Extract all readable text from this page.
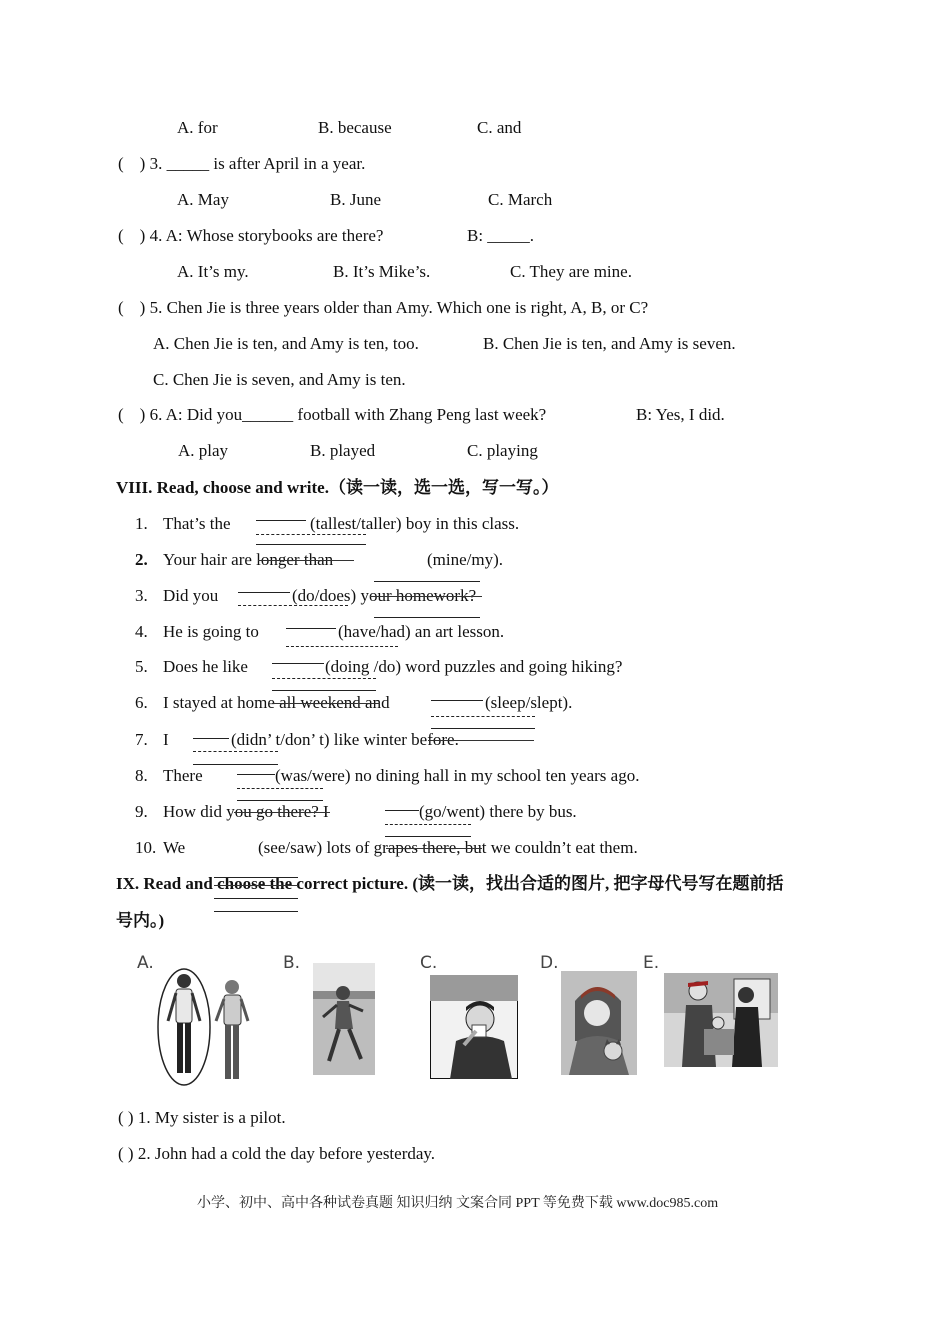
A. for	B. because	C. and
( ) 3. _____ is after April in a year.
A. May	B. June	C. March
( ) 4. A: Whose storybooks are there?	B: _____.
A. It’s my.	B. It’s Mike’s.	C. They are mine.
( ) 5. Chen Jie is three years older than Amy. Which one is right, A, B, or C?
A. Chen Jie is ten, and Amy is ten, too.	B. Chen Jie is ten, and Amy is seven.
C. Chen Jie is seven, and Amy is ten.
( ) 6. A: Did you______ football with Zhang Peng last week?	B: Yes, I did.
A. play	B. played	C. playing
VIII. Read, choose and write.（读一读，选一选，写一写。）
1. That’s the	(tallest/taller) boy in this class.
2. Your hair are longer than	(mine/my).
3. Did you	(do/does) your homework?
4. He is going to	(have/had) an art lesson.
5. Does he like	(doing /do) word puzzles and going hiking?
6. I stayed at home all weekend and	(sleep/slept).
7. I	(didn’ t/don’ t) like winter before.
8. There	(was/were) no dining hall in my school ten years ago.
9. How did you go there? I	(go/went) there by bus.
10. We	(see/saw) lots of grapes there, but we couldn’t eat them.
IX. Read and choose the correct picture. (读一读，找出合适的图片, 把字母代号写在题前括
号内。)
A.	B.	C.	D.	E.
( ) 1. My sister is a pilot.
( ) 2. John had a cold the day before yesterday.
小学、初中、高中各种试卷真题 知识归纳 文案合同 PPT 等免费下载 www.doc985.com
